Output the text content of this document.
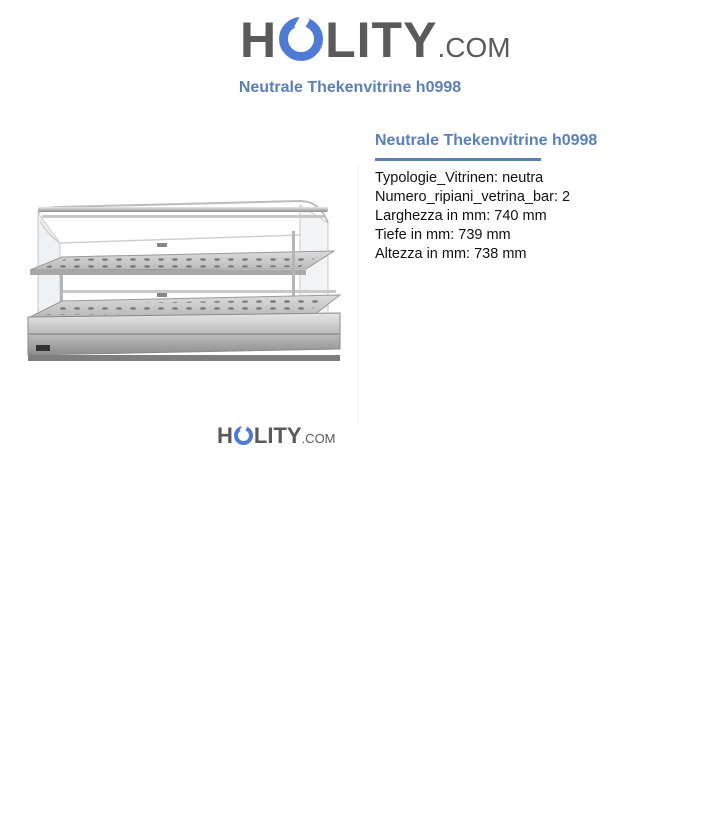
H LITY .COM
Neutrale Thekenvitrine h0998
H LITY .COM
Neutrale Thekenvitrine h0998
Typologie_Vitrinen: neutra
Numero_ripiani_vetrina_bar: 2
Larghezza in mm: 740 mm
Tiefe in mm: 739 mm
Altezza in mm: 738 mm
